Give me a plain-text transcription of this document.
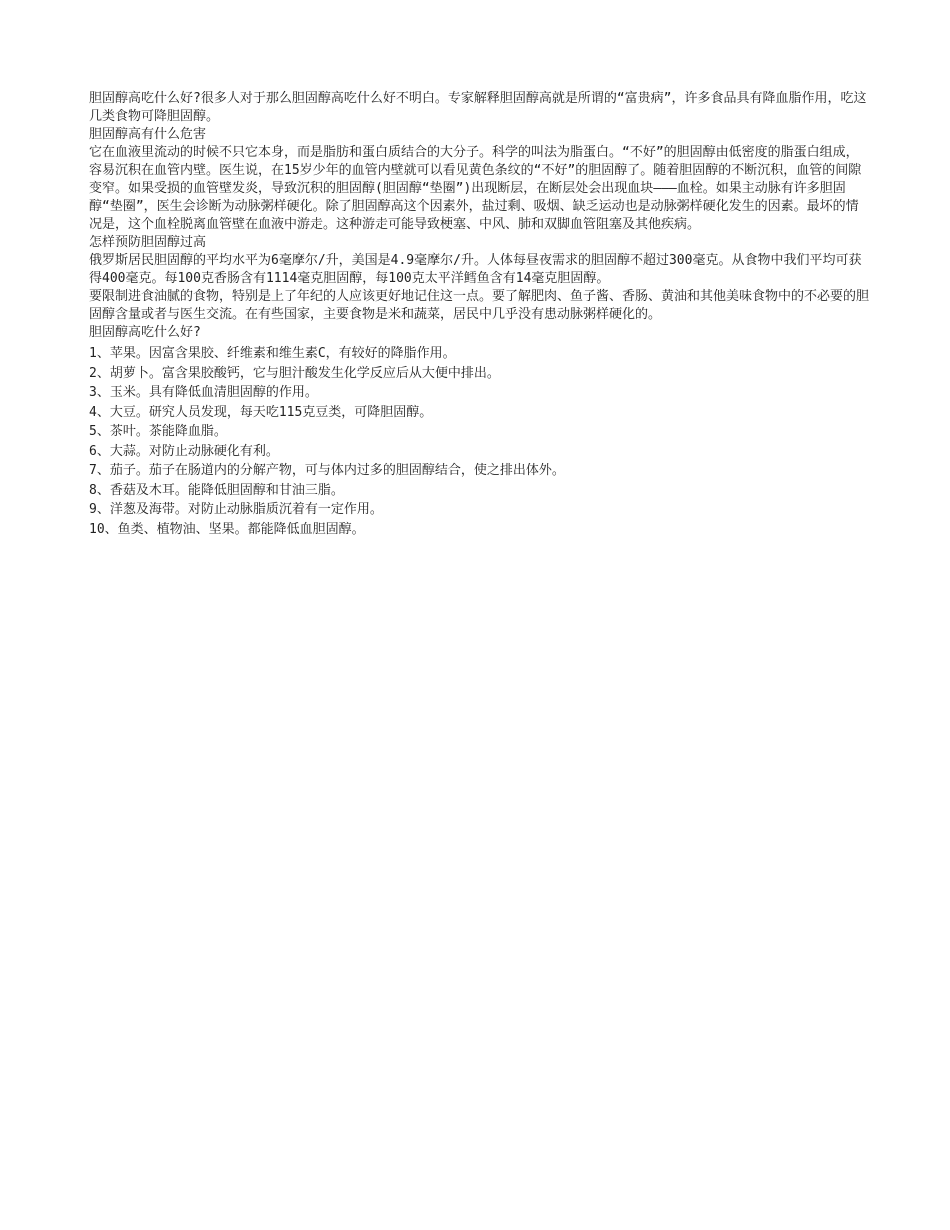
胆固醇高吃什么好?很多人对于那么胆固醇高吃什么好不明白。专家解释胆固醇高就是所谓的“富贵病”，许多食品具有降血脂作用，吃这几类食物可降胆固醇。

胆固醇高有什么危害

它在血液里流动的时候不只它本身，而是脂肪和蛋白质结合的大分子。科学的叫法为脂蛋白。“不好”的胆固醇由低密度的脂蛋白组成，容易沉积在血管内壁。医生说，在15岁少年的血管内壁就可以看见黄色条纹的“不好”的胆固醇了。随着胆固醇的不断沉积，血管的间隙变窄。如果受损的血管壁发炎，导致沉积的胆固醇(胆固醇“垫圈”)出现断层，在断层处会出现血块———血栓。如果主动脉有许多胆固醇“垫圈”，医生会诊断为动脉粥样硬化。除了胆固醇高这个因素外，盐过剩、吸烟、缺乏运动也是动脉粥样硬化发生的因素。最坏的情况是，这个血栓脱离血管壁在血液中游走。这种游走可能导致梗塞、中风、肺和双脚血管阻塞及其他疾病。

怎样预防胆固醇过高

俄罗斯居民胆固醇的平均水平为6毫摩尔/升，美国是4.9毫摩尔/升。人体每昼夜需求的胆固醇不超过300毫克。从食物中我们平均可获得400毫克。每100克香肠含有1114毫克胆固醇，每100克太平洋鳕鱼含有14毫克胆固醇。

要限制进食油腻的食物，特别是上了年纪的人应该更好地记住这一点。要了解肥肉、鱼子酱、香肠、黄油和其他美味食物中的不必要的胆固醇含量或者与医生交流。在有些国家，主要食物是米和蔬菜，居民中几乎没有患动脉粥样硬化的。

胆固醇高吃什么好?

1、苹果。因富含果胶、纤维素和维生素C，有较好的降脂作用。
2、胡萝卜。富含果胶酸钙，它与胆汁酸发生化学反应后从大便中排出。
3、玉米。具有降低血清胆固醇的作用。
4、大豆。研究人员发现，每天吃115克豆类，可降胆固醇。
5、茶叶。茶能降血脂。
6、大蒜。对防止动脉硬化有利。
7、茄子。茄子在肠道内的分解产物，可与体内过多的胆固醇结合，使之排出体外。
8、香菇及木耳。能降低胆固醇和甘油三脂。
9、洋葱及海带。对防止动脉脂质沉着有一定作用。
10、鱼类、植物油、坚果。都能降低血胆固醇。
